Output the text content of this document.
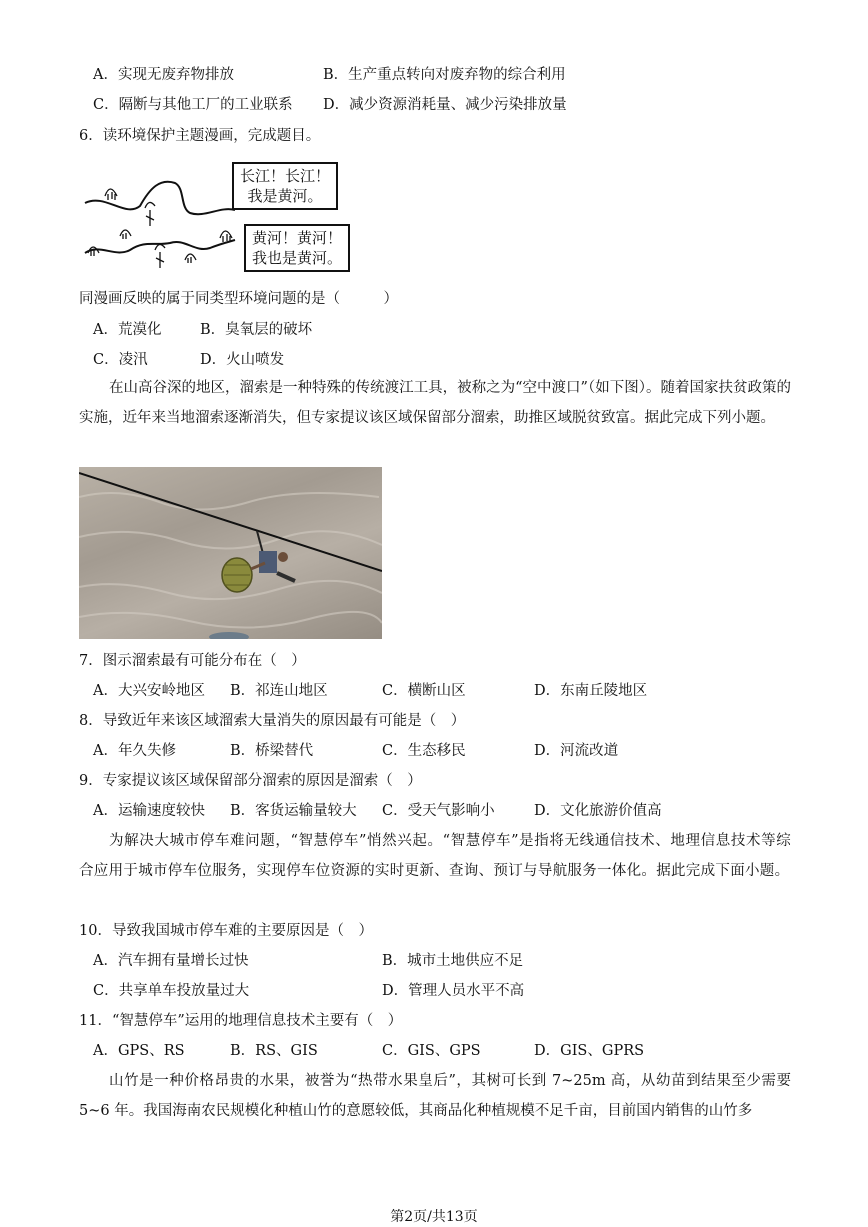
A．实现无废弃物排放	B．生产重点转向对废弃物的综合利用
C．隔断与其他工厂的工业联系 D．减少资源消耗量、减少污染排放量
6．读环境保护主题漫画，完成题目。
长江！长江！
我是黄河。
黄河！黄河！
我也是黄河。
同漫画反映的属于同类型环境问题的是（　　　）
A．荒漠化	B．臭氧层的破坏
C．凌汛	D．火山喷发
在山高谷深的地区，溜索是一种特殊的传统渡江工具，被称之为“空中渡口”（如下图）。随着国家扶贫政策的实施，近年来当地溜索逐渐消失，但专家提议该区域保留部分溜索，助推区域脱贫致富。据此完成下列小题。
7．图示溜索最有可能分布在（　）
A．大兴安岭地区 B．祁连山地区	C．横断山区	D．东南丘陵地区
8．导致近年来该区域溜索大量消失的原因最有可能是（　）
A．年久失修	B．桥梁替代	C．生态移民	D．河流改道
9．专家提议该区域保留部分溜索的原因是溜索（　）
A．运输速度较快 B．客货运输量较大 C．受天气影响小	D．文化旅游价值高
为解决大城市停车难问题，“智慧停车”悄然兴起。“智慧停车”是指将无线通信技术、地理信息技术等综合应用于城市停车位服务，实现停车位资源的实时更新、查询、预订与导航服务一体化。据此完成下面小题。
10．导致我国城市停车难的主要原因是（　）
A．汽车拥有量增长过快	B．城市土地供应不足
C．共享单车投放量过大	D．管理人员水平不高
11．“智慧停车”运用的地理信息技术主要有（　）
A．GPS、RS	B．RS、GIS	C．GIS、GPS	D．GIS、GPRS
山竹是一种价格昂贵的水果，被誉为“热带水果皇后”，其树可长到 7~25m 高，从幼苗到结果至少需要5~6 年。我国海南农民规模化种植山竹的意愿较低，其商品化种植规模不足千亩，目前国内销售的山竹多
第2页/共13页
